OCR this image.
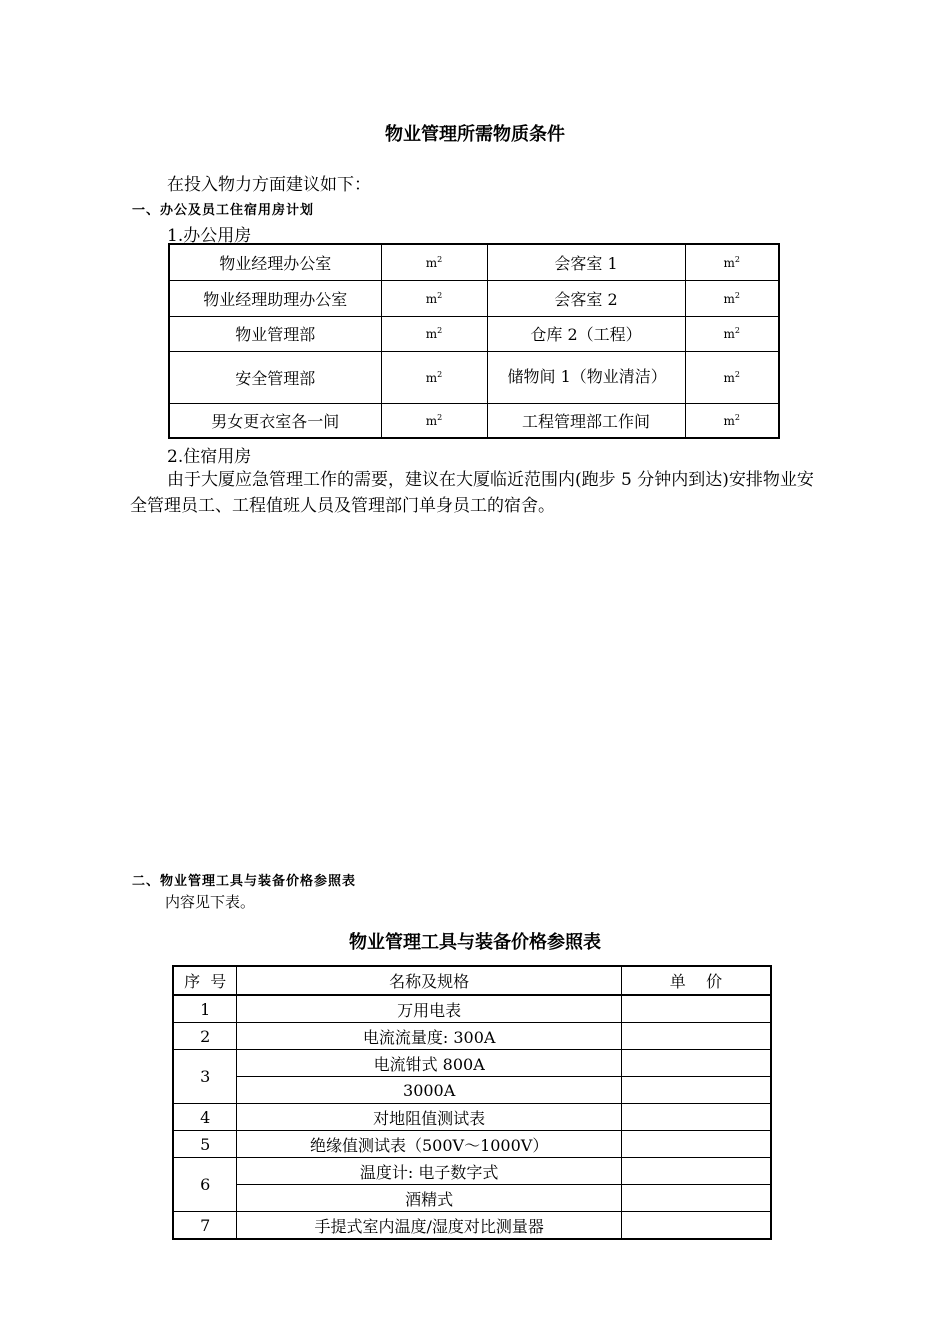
物业管理所需物质条件
在投入物力方面建议如下：
一、办公及员工住宿用房计划
1.办公用房
物业经理办公室	$m^2$	会客室 1	$m^2$
物业经理助理办公室	$m^2$	会客室 2	$m^2$
物业管理部	$m^2$	仓库 2（工程）	$m^2$
安全管理部	$m^2$	储物间 1（物业清洁）	$m^2$
男女更衣室各一间	$m^2$	工程管理部工作间	$m^2$
2.住宿用房
由于大厦应急管理工作的需要，建议在大厦临近范围内(跑步 5 分钟内到达)安排物业安全管理员工、工程值班人员及管理部门单身员工的宿舍。
二、物业管理工具与装备价格参照表
内容见下表。
物业管理工具与装备价格参照表
序  号	名称及规格	单    价
1	万用电表	
2	电流流量度: 300A	
3	电流钳式 800A	
	3000A	
4	对地阻值测试表	
5	绝缘值测试表（500V～1000V）	
6	温度计: 电子数字式	
	酒精式	
7	手提式室内温度/湿度对比测量器	
